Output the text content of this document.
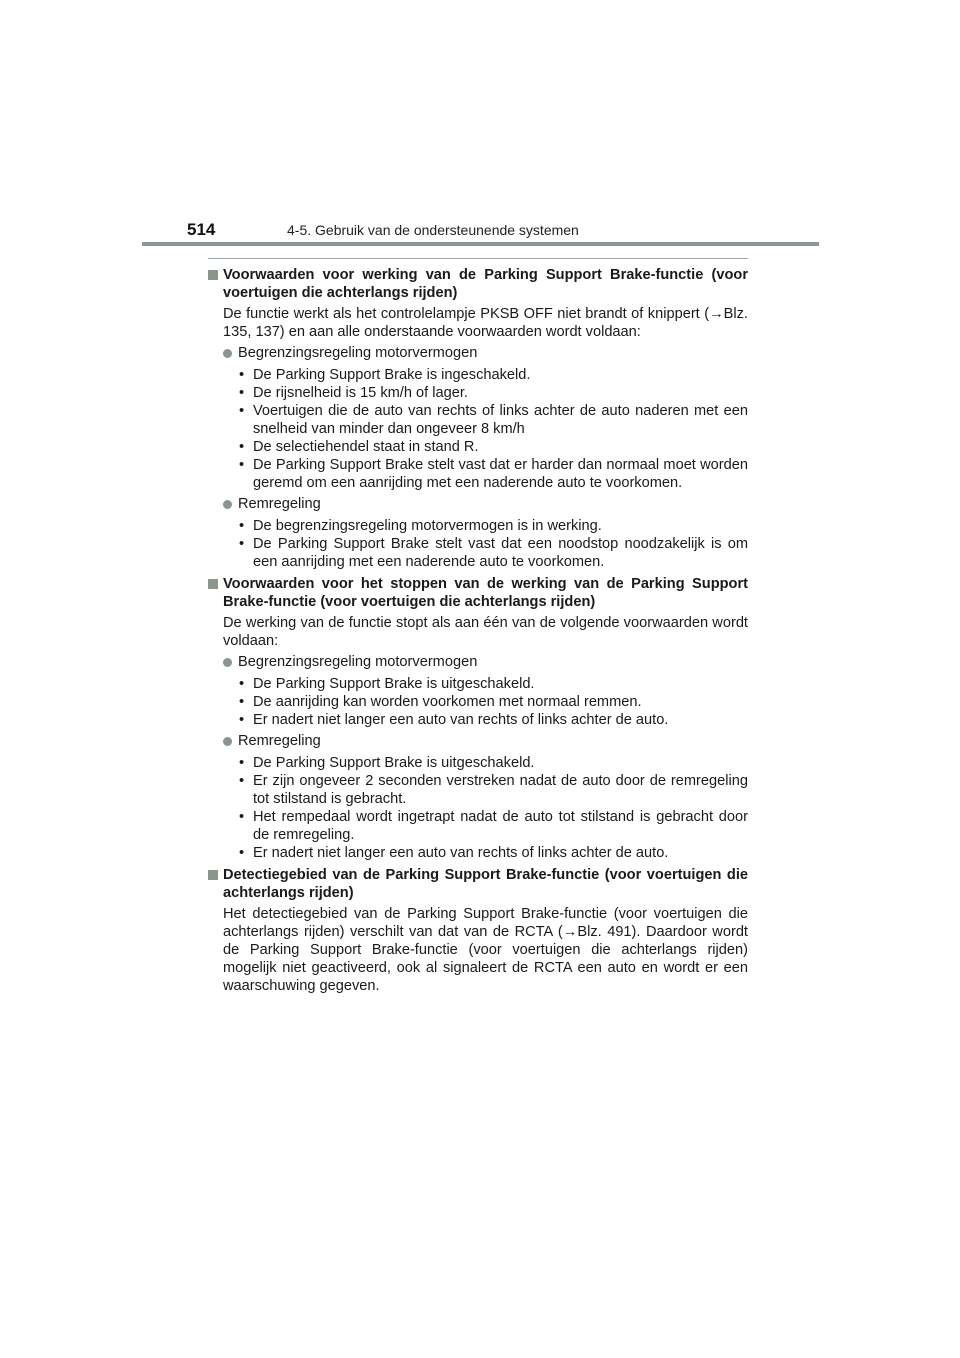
514	4-5. Gebruik van de ondersteunende systemen
Voorwaarden voor werking van de Parking Support Brake-functie (voor voertuigen die achterlangs rijden)
De functie werkt als het controlelampje PKSB OFF niet brandt of knippert (→Blz. 135, 137) en aan alle onderstaande voorwaarden wordt voldaan:
Begrenzingsregeling motorvermogen
• De Parking Support Brake is ingeschakeld.
• De rijsnelheid is 15 km/h of lager.
• Voertuigen die de auto van rechts of links achter de auto naderen met een snelheid van minder dan ongeveer 8 km/h
• De selectiehendel staat in stand R.
• De Parking Support Brake stelt vast dat er harder dan normaal moet worden geremd om een aanrijding met een naderende auto te voorkomen.
Remregeling
• De begrenzingsregeling motorvermogen is in werking.
• De Parking Support Brake stelt vast dat een noodstop noodzakelijk is om een aanrijding met een naderende auto te voorkomen.
Voorwaarden voor het stoppen van de werking van de Parking Support Brake-functie (voor voertuigen die achterlangs rijden)
De werking van de functie stopt als aan één van de volgende voorwaarden wordt voldaan:
Begrenzingsregeling motorvermogen
• De Parking Support Brake is uitgeschakeld.
• De aanrijding kan worden voorkomen met normaal remmen.
• Er nadert niet langer een auto van rechts of links achter de auto.
Remregeling
• De Parking Support Brake is uitgeschakeld.
• Er zijn ongeveer 2 seconden verstreken nadat de auto door de remregeling tot stilstand is gebracht.
• Het rempedaal wordt ingetrapt nadat de auto tot stilstand is gebracht door de remregeling.
• Er nadert niet langer een auto van rechts of links achter de auto.
Detectiegebied van de Parking Support Brake-functie (voor voertuigen die achterlangs rijden)
Het detectiegebied van de Parking Support Brake-functie (voor voertuigen die achterlangs rijden) verschilt van dat van de RCTA (→Blz. 491). Daardoor wordt de Parking Support Brake-functie (voor voertuigen die achterlangs rijden) mogelijk niet geactiveerd, ook al signaleert de RCTA een auto en wordt er een waarschuwing gegeven.
